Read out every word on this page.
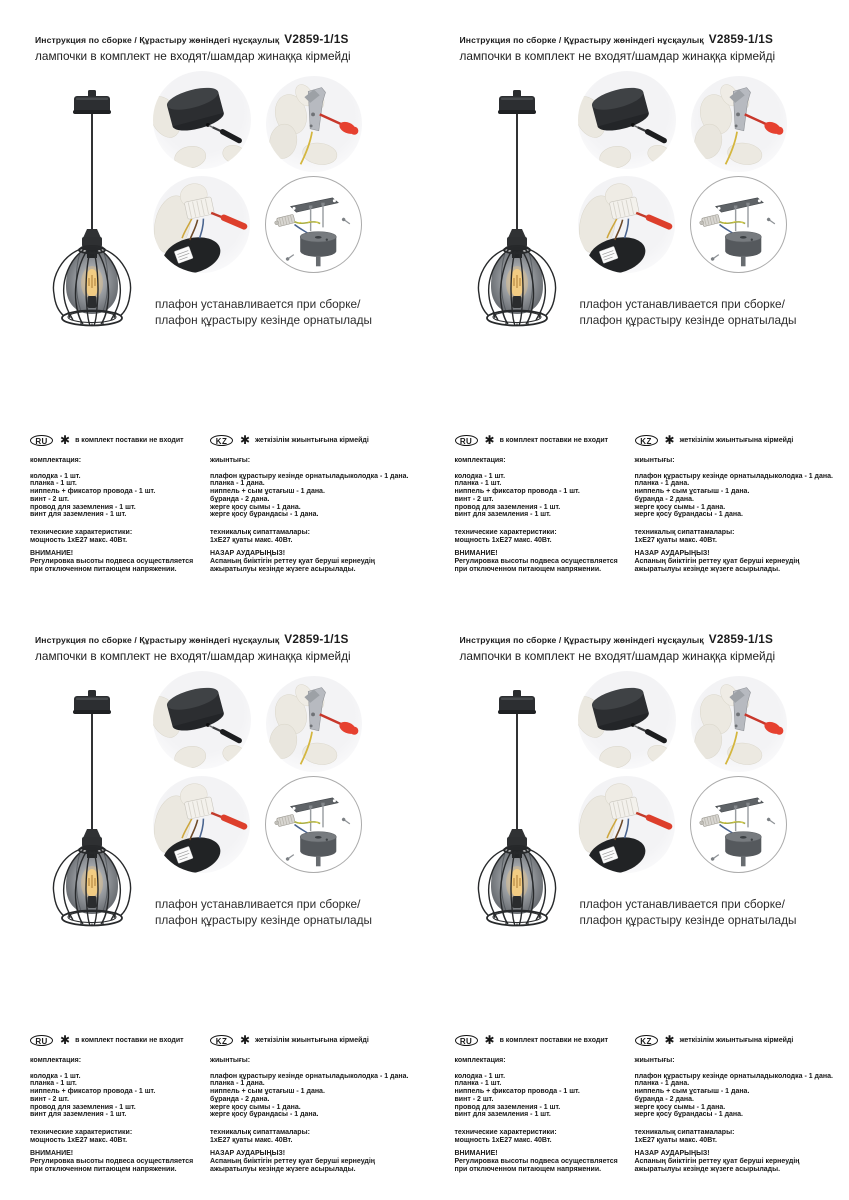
Инструкция по сборке / Құрастыру жөніндегі нұсқаулық V2859-1/1S
лампочки в комплект не входят/шамдар жинаққа кірмейді
плафон устанавливается при сборке/
плафон құрастыру кезінде орнатылады
RU	✱ в комплект поставки не входит
комплектация:
колодка - 1 шт.
планка - 1 шт.
ниппель + фиксатор провода - 1 шт.
винт - 2 шт.
провод для заземления - 1 шт.
винт для заземления - 1 шт.
технические характеристики:
мощность 1хЕ27 макс. 40Вт.
ВНИМАНИЕ!
Регулировка высоты подвеса осуществляется
при отключенном питающем напряжении.
KZ	✱ жеткізілім жиынтығына кірмейді
жиынтығы:
плафон құрастыру кезінде орнатыладыколодка - 1 дана.
планка - 1 дана.
ниппель + сым ұстағыш - 1 дана.
бұранда - 2 дана.
жерге қосу сымы - 1 дана.
жерге қосу бұрандасы - 1 дана.
техникалық сипаттамалары:
1хЕ27 қуаты макс. 40Вт.
НАЗАР АУДАРЫҢЫЗ!
Аспаның биіктігін реттеу қуат беруші кернеудің
ажыратылуы кезінде жүзеге асырылады.
Инструкция по сборке / Құрастыру жөніндегі нұсқаулық V2859-1/1S
лампочки в комплект не входят/шамдар жинаққа кірмейді
плафон устанавливается при сборке/
плафон құрастыру кезінде орнатылады
RU	✱ в комплект поставки не входит
комплектация:
колодка - 1 шт.
планка - 1 шт.
ниппель + фиксатор провода - 1 шт.
винт - 2 шт.
провод для заземления - 1 шт.
винт для заземления - 1 шт.
технические характеристики:
мощность 1хЕ27 макс. 40Вт.
ВНИМАНИЕ!
Регулировка высоты подвеса осуществляется
при отключенном питающем напряжении.
KZ	✱ жеткізілім жиынтығына кірмейді
жиынтығы:
плафон құрастыру кезінде орнатыладыколодка - 1 дана.
планка - 1 дана.
ниппель + сым ұстағыш - 1 дана.
бұранда - 2 дана.
жерге қосу сымы - 1 дана.
жерге қосу бұрандасы - 1 дана.
техникалық сипаттамалары:
1хЕ27 қуаты макс. 40Вт.
НАЗАР АУДАРЫҢЫЗ!
Аспаның биіктігін реттеу қуат беруші кернеудің
ажыратылуы кезінде жүзеге асырылады.
Инструкция по сборке / Құрастыру жөніндегі нұсқаулық V2859-1/1S
лампочки в комплект не входят/шамдар жинаққа кірмейді
плафон устанавливается при сборке/
плафон құрастыру кезінде орнатылады
RU	✱ в комплект поставки не входит
комплектация:
колодка - 1 шт.
планка - 1 шт.
ниппель + фиксатор провода - 1 шт.
винт - 2 шт.
провод для заземления - 1 шт.
винт для заземления - 1 шт.
технические характеристики:
мощность 1хЕ27 макс. 40Вт.
ВНИМАНИЕ!
Регулировка высоты подвеса осуществляется
при отключенном питающем напряжении.
KZ	✱ жеткізілім жиынтығына кірмейді
жиынтығы:
плафон құрастыру кезінде орнатыладыколодка - 1 дана.
планка - 1 дана.
ниппель + сым ұстағыш - 1 дана.
бұранда - 2 дана.
жерге қосу сымы - 1 дана.
жерге қосу бұрандасы - 1 дана.
техникалық сипаттамалары:
1хЕ27 қуаты макс. 40Вт.
НАЗАР АУДАРЫҢЫЗ!
Аспаның биіктігін реттеу қуат беруші кернеудің
ажыратылуы кезінде жүзеге асырылады.
Инструкция по сборке / Құрастыру жөніндегі нұсқаулық V2859-1/1S
лампочки в комплект не входят/шамдар жинаққа кірмейді
плафон устанавливается при сборке/
плафон құрастыру кезінде орнатылады
RU	✱ в комплект поставки не входит
комплектация:
колодка - 1 шт.
планка - 1 шт.
ниппель + фиксатор провода - 1 шт.
винт - 2 шт.
провод для заземления - 1 шт.
винт для заземления - 1 шт.
технические характеристики:
мощность 1хЕ27 макс. 40Вт.
ВНИМАНИЕ!
Регулировка высоты подвеса осуществляется
при отключенном питающем напряжении.
KZ	✱ жеткізілім жиынтығына кірмейді
жиынтығы:
плафон құрастыру кезінде орнатыладыколодка - 1 дана.
планка - 1 дана.
ниппель + сым ұстағыш - 1 дана.
бұранда - 2 дана.
жерге қосу сымы - 1 дана.
жерге қосу бұрандасы - 1 дана.
техникалық сипаттамалары:
1хЕ27 қуаты макс. 40Вт.
НАЗАР АУДАРЫҢЫЗ!
Аспаның биіктігін реттеу қуат беруші кернеудің
ажыратылуы кезінде жүзеге асырылады.
